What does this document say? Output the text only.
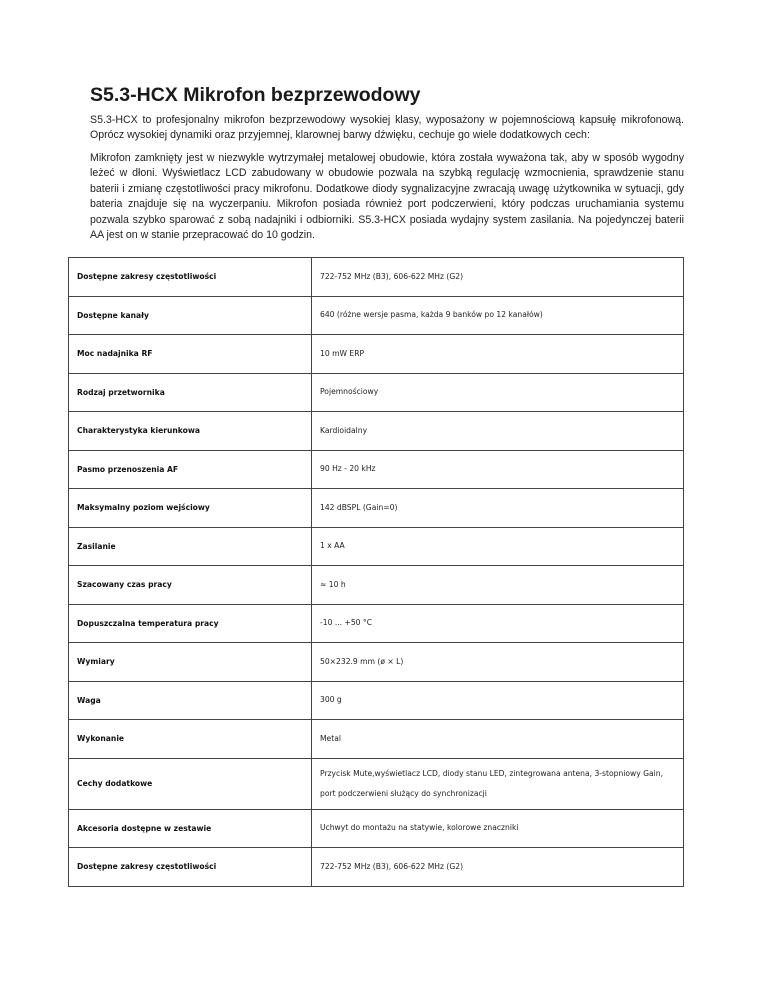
S5.3-HCX Mikrofon bezprzewodowy

S5.3-HCX to profesjonalny mikrofon bezprzewodowy wysokiej klasy, wyposażony w pojemnościową kapsułę mikrofonową. Oprócz wysokiej dynamiki oraz przyjemnej, klarownej barwy dźwięku, cechuje go wiele dodatkowych cech:

Mikrofon zamknięty jest w niezwykle wytrzymałej metalowej obudowie, która została wyważona tak, aby w sposób wygodny leżeć w dłoni. Wyświetlacz LCD zabudowany w obudowie pozwala na szybką regulację wzmocnienia, sprawdzenie stanu baterii i zmianę częstotliwości pracy mikrofonu. Dodatkowe diody sygnalizacyjne zwracają uwagę użytkownika w sytuacji, gdy bateria znajduje się na wyczerpaniu. Mikrofon posiada również port podczerwieni, który podczas uruchamiania systemu pozwala szybko sparować z sobą nadajniki i odbiorniki. S5.3-HCX posiada wydajny system zasilania. Na pojedynczej baterii AA jest on w stanie przepracować do 10 godzin.

Dostępne zakresy częstotliwości	722-752 MHz (B3), 606-622 MHz (G2)
Dostępne kanały	640 (różne wersje pasma, każda 9 banków po 12 kanałów)
Moc nadajnika RF	10 mW ERP
Rodzaj przetwornika	Pojemnościowy
Charakterystyka kierunkowa	Kardioidalny
Pasmo przenoszenia AF	90 Hz - 20 kHz
Maksymalny poziom wejściowy	142 dBSPL (Gain=0)
Zasilanie	1 x AA
Szacowany czas pracy	≈ 10 h
Dopuszczalna temperatura pracy	-10 ... +50 °C
Wymiary	50×232.9 mm (ø × L)
Waga	300 g
Wykonanie	Metal
Cechy dodatkowe	Przycisk Mute,wyświetlacz LCD, diody stanu LED, zintegrowana antena, 3-stopniowy Gain, port podczerwieni służący do synchronizacji
Akcesoria dostępne w zestawie	Uchwyt do montażu na statywie, kolorowe znaczniki
Dostępne zakresy częstotliwości	722-752 MHz (B3), 606-622 MHz (G2)
